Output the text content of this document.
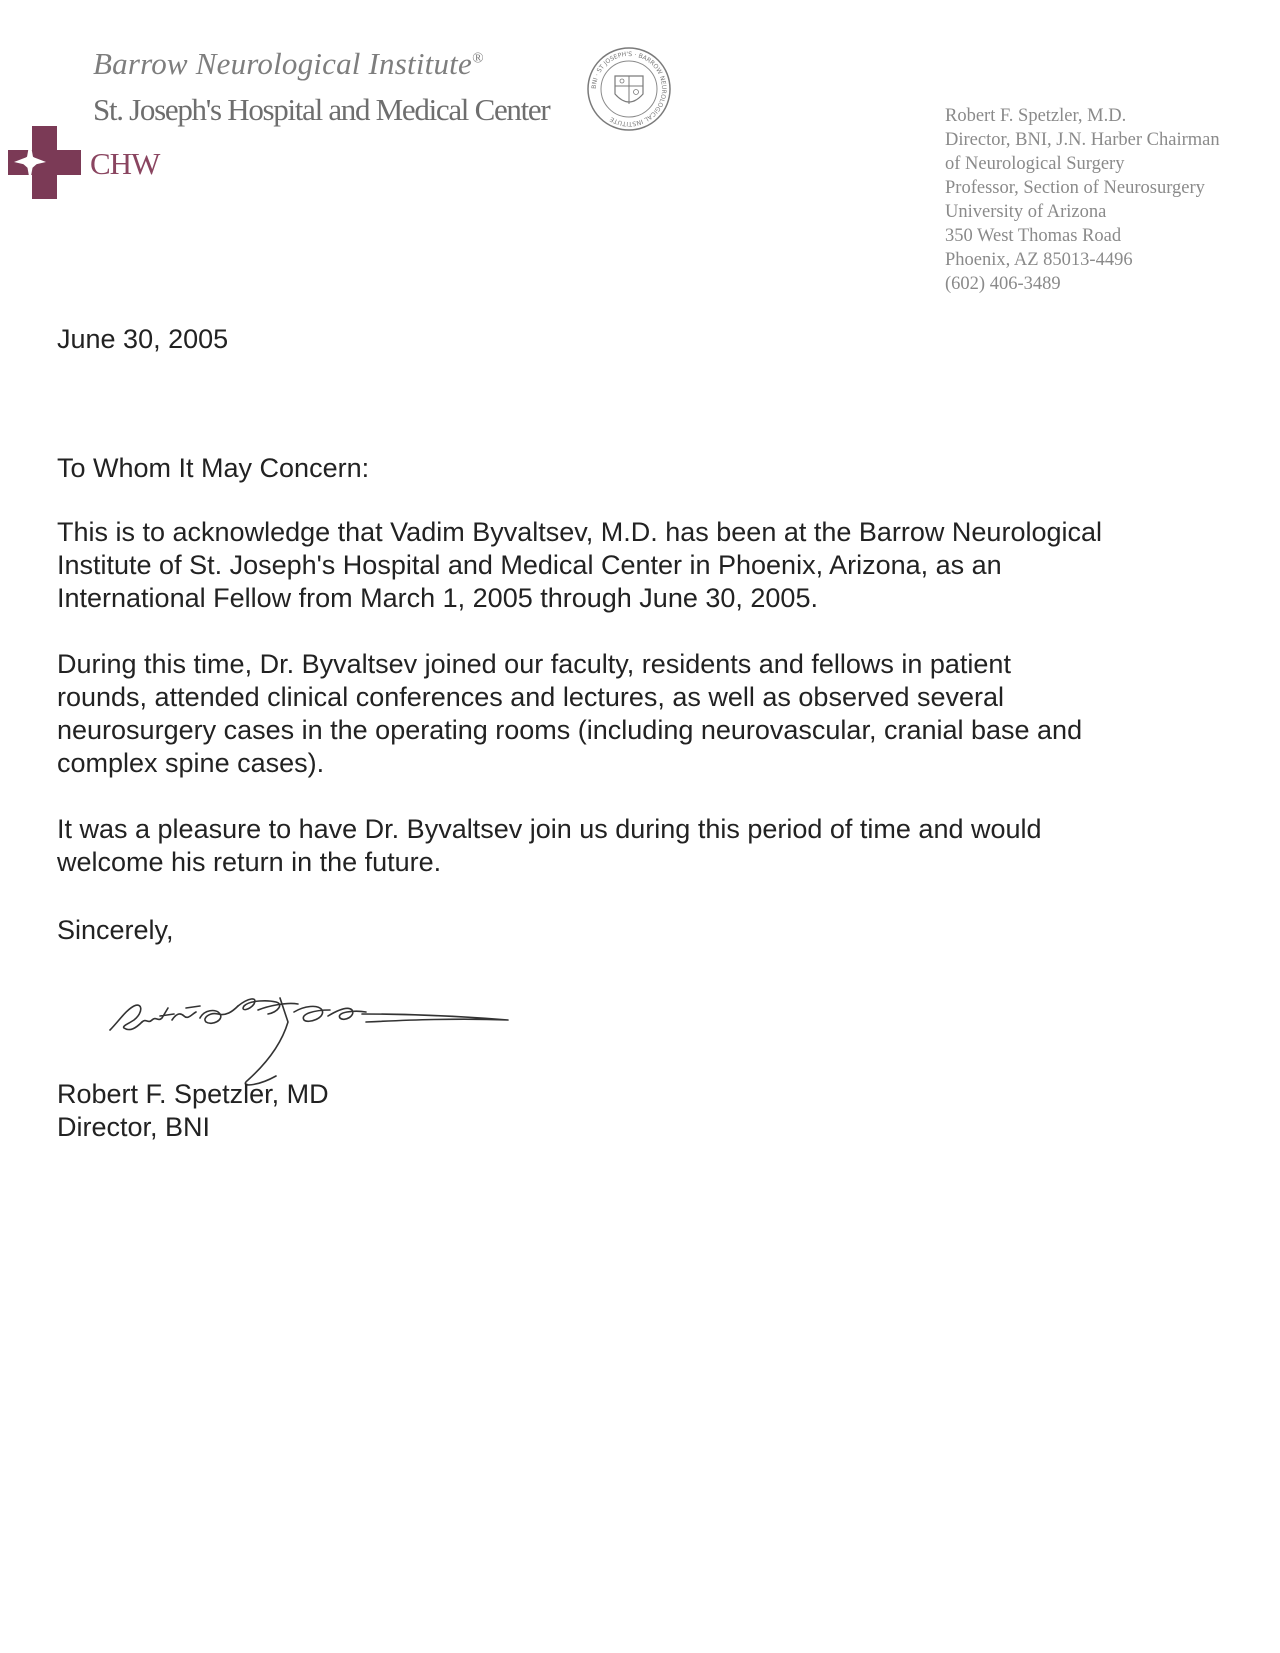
Barrow Neurological Institute®
St. Joseph's Hospital and Medical Center
CHW
BNI · ST JOSEPH'S · BARROW NEUROLOGICAL INSTITUTE	Robert F. Spetzler, M.D.
Director, BNI, J.N. Harber Chairman
of Neurological Surgery
Professor, Section of Neurosurgery
University of Arizona
350 West Thomas Road
Phoenix, AZ 85013-4496
(602) 406-3489
June 30, 2005
To Whom It May Concern:
This is to acknowledge that Vadim Byvaltsev, M.D. has been at the Barrow Neurological
Institute of St. Joseph's Hospital and Medical Center in Phoenix, Arizona, as an
International Fellow from March 1, 2005 through June 30, 2005.
During this time, Dr. Byvaltsev joined our faculty, residents and fellows in patient
rounds, attended clinical conferences and lectures, as well as observed several
neurosurgery cases in the operating rooms (including neurovascular, cranial base and
complex spine cases).
It was a pleasure to have Dr. Byvaltsev join us during this period of time and would
welcome his return in the future.
Sincerely,
Robert F. Spetzler, MD
Director, BNI
